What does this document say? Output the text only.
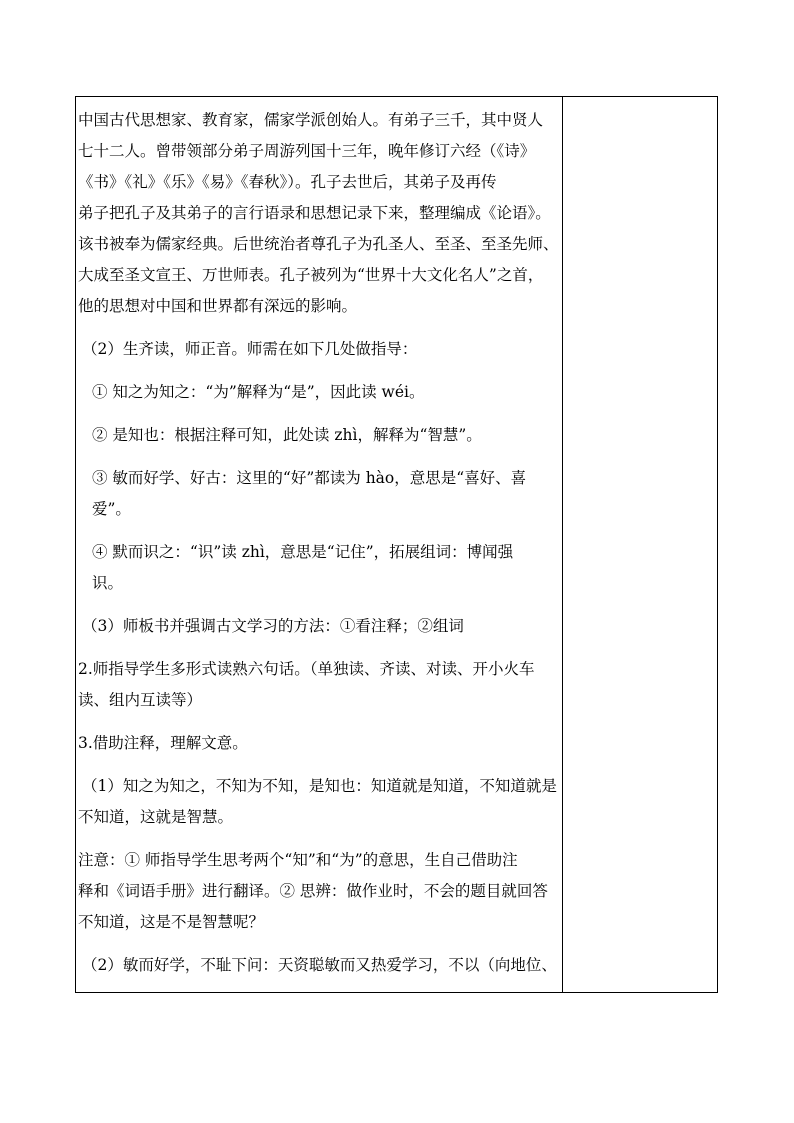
中国古代思想家、教育家，儒家学派创始人。有弟子三千，其中贤人

七十二人。曾带领部分弟子周游列国十三年，晚年修订六经（《诗》

《书》《礼》《乐》《易》《春秋》）。孔子去世后，其弟子及再传

弟子把孔子及其弟子的言行语录和思想记录下来，整理编成《论语》。

该书被奉为儒家经典。后世统治者尊孔子为孔圣人、至圣、至圣先师、

大成至圣文宣王、万世师表。孔子被列为“世界十大文化名人”之首，

他的思想对中国和世界都有深远的影响。

（2）生齐读，师正音。师需在如下几处做指导：

① 知之为知之：“为”解释为“是”，因此读 wéi。

② 是知也：根据注释可知，此处读 zhì，解释为“智慧”。

③ 敏而好学、好古：这里的“好”都读为 hào，意思是“喜好、喜

爱”。

④ 默而识之：“识”读 zhì，意思是“记住”，拓展组词：博闻强

识。

（3）师板书并强调古文学习的方法：①看注释；②组词

2.师指导学生多形式读熟六句话。（单独读、齐读、对读、开小火车

读、组内互读等）

3.借助注释，理解文意。

（1）知之为知之，不知为不知，是知也：知道就是知道，不知道就是

不知道，这就是智慧。

注意：① 师指导学生思考两个“知”和“为”的意思，生自己借助注

释和《词语手册》进行翻译。② 思辨：做作业时，不会的题目就回答

不知道，这是不是智慧呢？

（2）敏而好学，不耻下问：天资聪敏而又热爱学习，不以（向地位、
